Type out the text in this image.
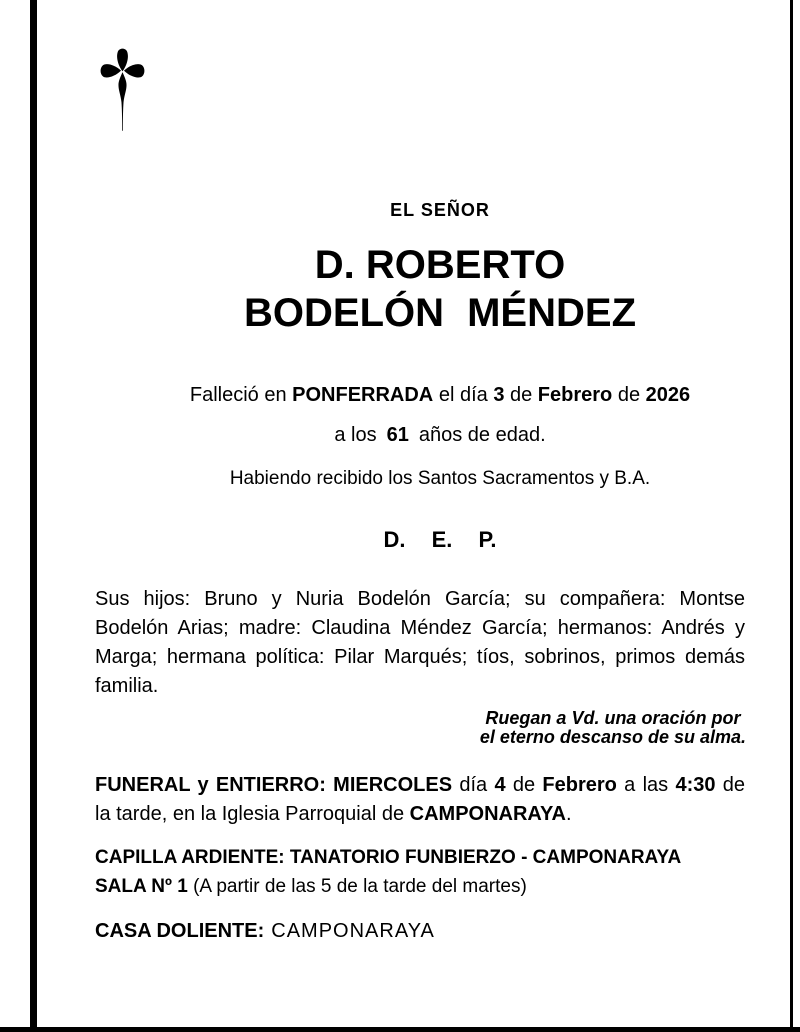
EL SEÑOR
D. ROBERTO
BODELÓN MÉNDEZ
Falleció en PONFERRADA el día 3 de Febrero de 2026
a los 61 años de edad.
Habiendo recibido los Santos Sacramentos y B.A.
D. E. P.

Sus hijos: Bruno y Nuria Bodelón García; su compañera: Montse Bodelón Arias; madre: Claudina Méndez García; hermanos: Andrés y Marga; hermana política: Pilar Marqués; tíos, sobrinos, primos demás familia.

Ruegan a Vd. una oración por
el eterno descanso de su alma.

FUNERAL y ENTIERRO: MIERCOLES día 4 de Febrero a las 4:30 de la tarde, en la Iglesia Parroquial de CAMPONARAYA.

CAPILLA ARDIENTE: TANATORIO FUNBIERZO - CAMPONARAYA
SALA Nº 1 (A partir de las 5 de la tarde del martes)

CASA DOLIENTE: CAMPONARAYA
